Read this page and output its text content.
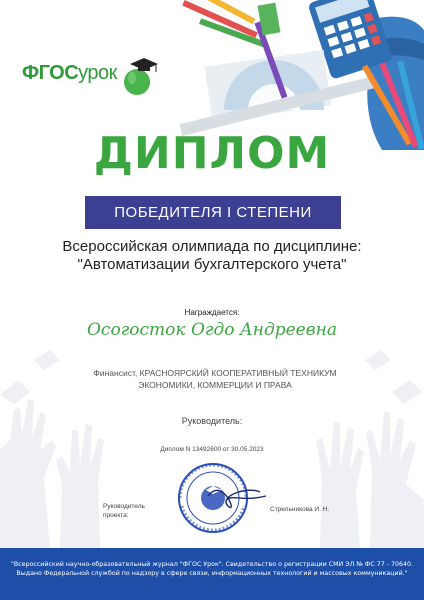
ФГОСурок
ДИПЛОМ
ПОБЕДИТЕЛЯ I СТЕПЕНИ
Всероссийская олимпиада по дисциплине:
"Автоматизации бухгалтерского учета"
Награждается:
Осогосток Огдо Андреевна
Финансист, КРАСНОЯРСКИЙ КООПЕРАТИВНЫЙ ТЕХНИКУМ ЭКОНОМИКИ, КОММЕРЦИИ И ПРАВА
Руководитель:
Диплом N 13492600 от 30.05.2023
Руководитель проекта:
Стрельникова И. Н.
"Всероссийский научно-образовательный журнал "ФГОС Урок". Свидетельство о регистрации СМИ ЭЛ № ФС 77 - 70640.
Выдано Федеральной службой по надзору в сфере связи, информационных технологий и массовых коммуникаций."
